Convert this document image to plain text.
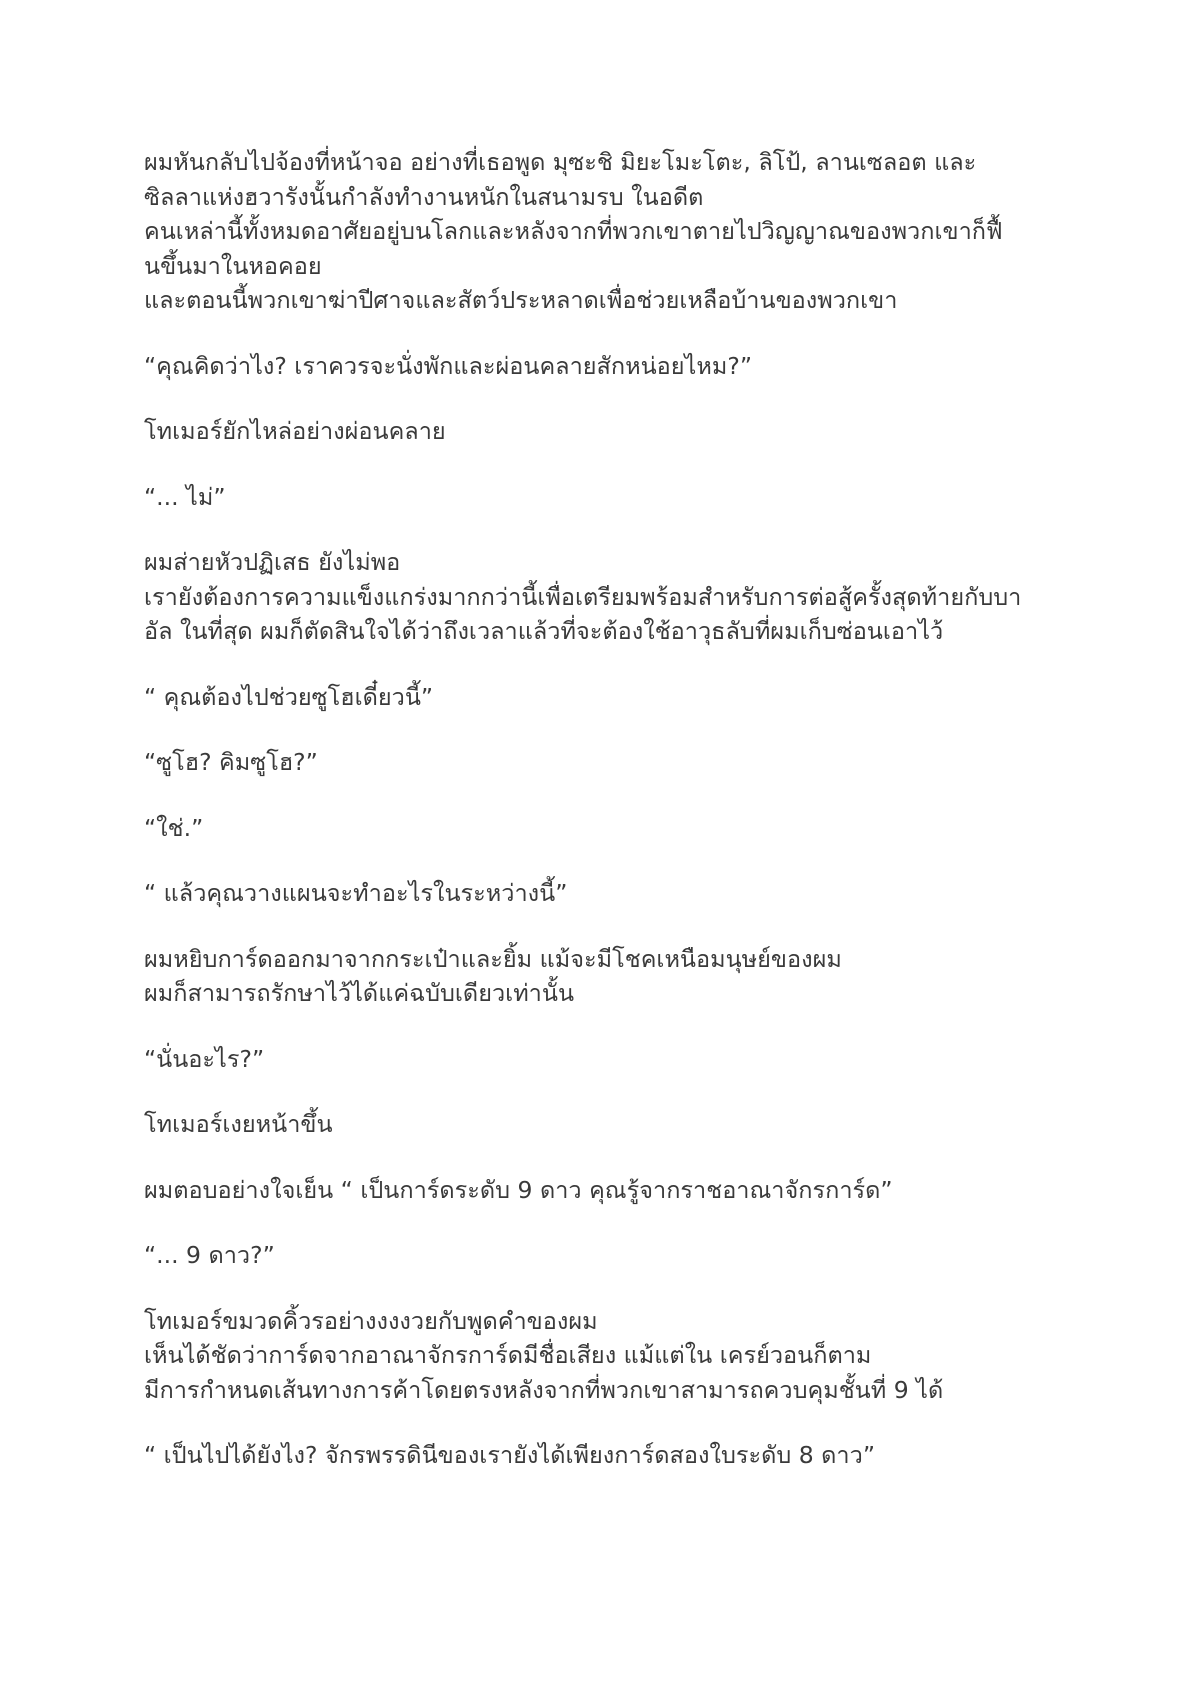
ผมหันกลับไปจ้องที่หน้าจอ อย่างที่เธอพูด มุซะชิ มิยะโมะโตะ, ลิโป้, ลานเซลอต และ
ซิลลาแห่งฮวารังนั้นกำลังทำงานหนักในสนามรบ ในอดีต
คนเหล่านี้ทั้งหมดอาศัยอยู่บนโลกและหลังจากที่พวกเขาตายไปวิญญาณของพวกเขาก็ฟื้
นขึ้นมาในหอคอย
และตอนนี้พวกเขาฆ่าปีศาจและสัตว์ประหลาดเพื่อช่วยเหลือบ้านของพวกเขา

“คุณคิดว่าไง? เราควรจะนั่งพักและผ่อนคลายสักหน่อยไหม?”

โทเมอร์ยักไหล่อย่างผ่อนคลาย

“... ไม่”

ผมส่ายหัวปฏิเสธ ยังไม่พอ
เรายังต้องการความแข็งแกร่งมากกว่านี้เพื่อเตรียมพร้อมสำหรับการต่อสู้ครั้งสุดท้ายกับบา
อัล ในที่สุด ผมก็ตัดสินใจได้ว่าถึงเวลาแล้วที่จะต้องใช้อาวุธลับที่ผมเก็บซ่อนเอาไว้

“ คุณต้องไปช่วยซูโฮเดี๋ยวนี้”

“ซูโฮ? คิมซูโฮ?”

“ใช่.”

“ แล้วคุณวางแผนจะทำอะไรในระหว่างนี้”

ผมหยิบการ์ดออกมาจากกระเป๋าและยิ้ม แม้จะมีโชคเหนือมนุษย์ของผม
ผมก็สามารถรักษาไว้ได้แค่ฉบับเดียวเท่านั้น

“นั่นอะไร?”

โทเมอร์เงยหน้าขึ้น

ผมตอบอย่างใจเย็น “ เป็นการ์ดระดับ 9 ดาว คุณรู้จากราชอาณาจักรการ์ด”

“... 9 ดาว?”

โทเมอร์ขมวดคิ้วรอย่างงงงวยกับพูดคำของผม
เห็นได้ชัดว่าการ์ดจากอาณาจักรการ์ดมีชื่อเสียง แม้แต่ใน เครย์วอนก็ตาม
มีการกำหนดเส้นทางการค้าโดยตรงหลังจากที่พวกเขาสามารถควบคุมชั้นที่ 9 ได้

“ เป็นไปได้ยังไง? จักรพรรดินีของเรายังได้เพียงการ์ดสองใบระดับ 8 ดาว”
